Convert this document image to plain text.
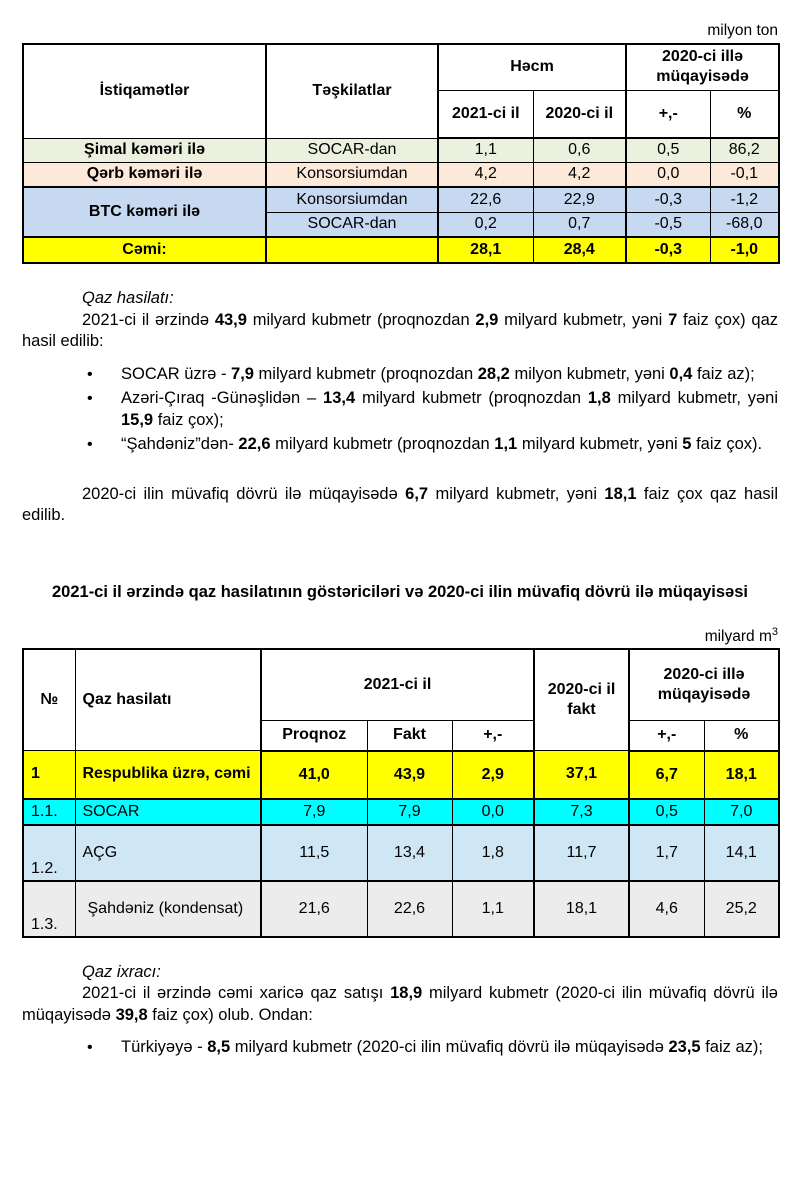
milyon ton
İstiqamətlər	Təşkilatlar	Həcm		2020-ci illə müqayisədə	
		2021-ci il	2020-ci il	+,-	%
Şimal kəməri ilə	SOCAR-dan	1,1	0,6	0,5	86,2
Qərb kəməri ilə	Konsorsiumdan	4,2	4,2	0,0	-0,1
BTC kəməri ilə	Konsorsiumdan	22,6	22,9	-0,3	-1,2
	SOCAR-dan	0,2	0,7	-0,5	-68,0
Cəmi:		28,1	28,4	-0,3	-1,0

Qaz hasilatı:

2021-ci il ərzində 43,9 milyard kubmetr (proqnozdan 2,9 milyard kubmetr, yəni 7 faiz çox) qaz hasil edilib:

• SOCAR üzrə - 7,9 milyard kubmetr (proqnozdan 28,2 milyon kubmetr, yəni 0,4 faiz az);
• Azəri-Çıraq -Günəşlidən – 13,4 milyard kubmetr (proqnozdan 1,8 milyard kubmetr, yəni 15,9 faiz çox);
• “Şahdəniz”dən- 22,6 milyard kubmetr (proqnozdan 1,1 milyard kubmetr, yəni 5 faiz çox).

2020-ci ilin müvafiq dövrü ilə müqayisədə 6,7 milyard kubmetr, yəni 18,1 faiz çox qaz hasil edilib.

2021-ci il ərzində qaz hasilatının göstəriciləri və 2020-ci ilin müvafiq dövrü ilə müqayisəsi

milyard $m^3$
№	Qaz hasilatı	2021-ci il			2020-ci il fakt	2020-ci illə müqayisədə	
		Proqnoz	Fakt	+,-		+,-	%
1	Respublika üzrə, cəmi	41,0	43,9	2,9	37,1	6,7	18,1
1.1.	SOCAR	7,9	7,9	0,0	7,3	0,5	7,0
1.2.	AÇG	11,5	13,4	1,8	11,7	1,7	14,1
1.3.	Şahdəniz (kondensat)	21,6	22,6	1,1	18,1	4,6	25,2

Qaz ixracı:

2021-ci il ərzində cəmi xaricə qaz satışı 18,9 milyard kubmetr (2020-ci ilin müvafiq dövrü ilə müqayisədə 39,8 faiz çox) olub. Ondan:

• Türkiyəyə - 8,5 milyard kubmetr (2020-ci ilin müvafiq dövrü ilə müqayisədə 23,5 faiz az);
